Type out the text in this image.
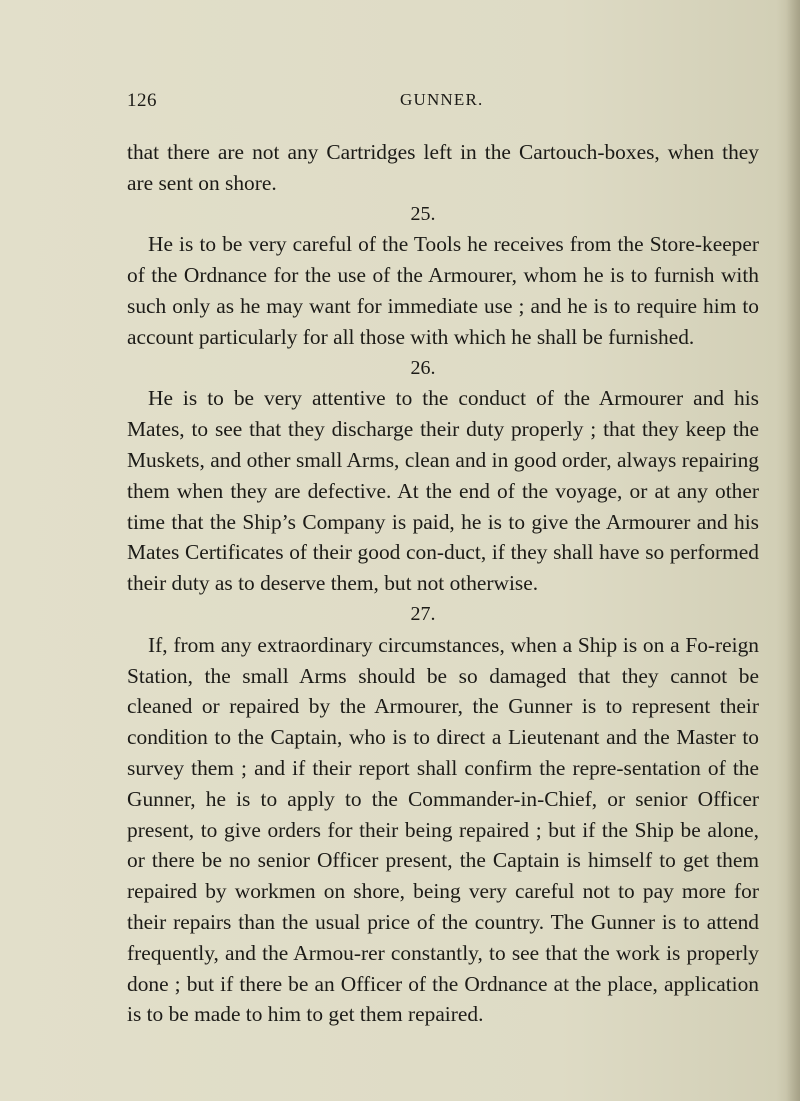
126	GUNNER.

that there are not any Cartridges left in the Cartouch-boxes, when they are sent on shore.

25.

He is to be very careful of the Tools he receives from the Store-keeper of the Ordnance for the use of the Armourer, whom he is to furnish with such only as he may want for immediate use ; and he is to require him to account particularly for all those with which he shall be furnished.

26.

He is to be very attentive to the conduct of the Armourer and his Mates, to see that they discharge their duty properly ; that they keep the Muskets, and other small Arms, clean and in good order, always repairing them when they are defective. At the end of the voyage, or at any other time that the Ship’s Company is paid, he is to give the Armourer and his Mates Certificates of their good con-duct, if they shall have so performed their duty as to deserve them, but not otherwise.

27.

If, from any extraordinary circumstances, when a Ship is on a Fo-reign Station, the small Arms should be so damaged that they cannot be cleaned or repaired by the Armourer, the Gunner is to represent their condition to the Captain, who is to direct a Lieutenant and the Master to survey them ; and if their report shall confirm the repre-sentation of the Gunner, he is to apply to the Commander-in-Chief, or senior Officer present, to give orders for their being repaired ; but if the Ship be alone, or there be no senior Officer present, the Captain is himself to get them repaired by workmen on shore, being very careful not to pay more for their repairs than the usual price of the country. The Gunner is to attend frequently, and the Armou-rer constantly, to see that the work is properly done ; but if there be an Officer of the Ordnance at the place, application is to be made to him to get them repaired.
